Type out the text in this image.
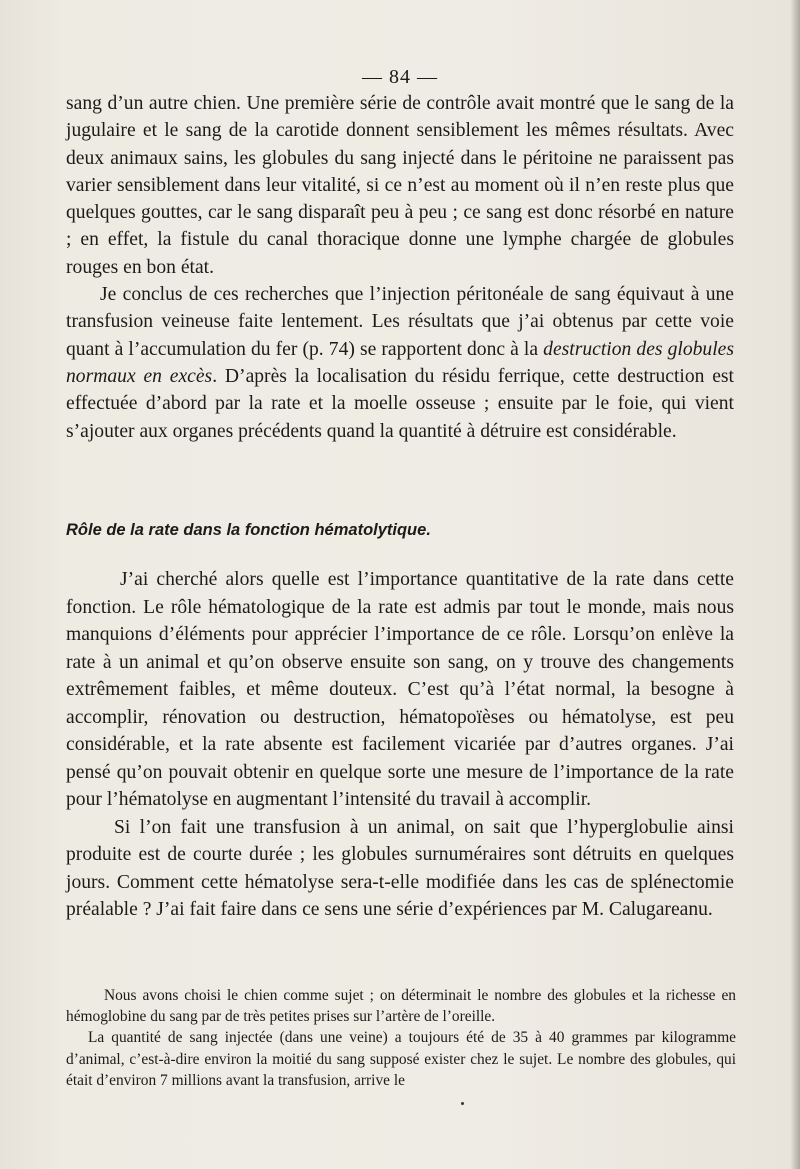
— 84 —

sang d’un autre chien. Une première série de contrôle avait montré que le sang de la jugulaire et le sang de la carotide donnent sensiblement les mêmes résultats. Avec deux animaux sains, les globules du sang injecté dans le péritoine ne paraissent pas varier sensiblement dans leur vitalité, si ce n’est au moment où il n’en reste plus que quelques gouttes, car le sang disparaît peu à peu ; ce sang est donc résorbé en nature ; en effet, la fistule du canal thoracique donne une lymphe chargée de globules rouges en bon état.

Je conclus de ces recherches que l’injection péritonéale de sang équivaut à une transfusion veineuse faite lentement. Les résultats que j’ai obtenus par cette voie quant à l’accumulation du fer (p. 74) se rapportent donc à la destruction des globules normaux en excès. D’après la localisation du résidu ferrique, cette destruction est effectuée d’abord par la rate et la moelle osseuse ; ensuite par le foie, qui vient s’ajouter aux organes précédents quand la quantité à détruire est considérable.

Rôle de la rate dans la fonction hématolytique.

J’ai cherché alors quelle est l’importance quantitative de la rate dans cette fonction. Le rôle hématologique de la rate est admis par tout le monde, mais nous manquions d’éléments pour apprécier l’importance de ce rôle. Lorsqu’on enlève la rate à un animal et qu’on observe ensuite son sang, on y trouve des changements extrêmement faibles, et même douteux. C’est qu’à l’état normal, la besogne à accomplir, rénovation ou destruction, hématopoïèses ou hématolyse, est peu considérable, et la rate absente est facilement vicariée par d’autres organes. J’ai pensé qu’on pouvait obtenir en quelque sorte une mesure de l’importance de la rate pour l’hématolyse en augmentant l’intensité du travail à accomplir.

Si l’on fait une transfusion à un animal, on sait que l’hyperglobulie ainsi produite est de courte durée ; les globules surnuméraires sont détruits en quelques jours. Comment cette hématolyse sera-t-elle modifiée dans les cas de splénectomie préalable ? J’ai fait faire dans ce sens une série d’expériences par M. Calugareanu.

Nous avons choisi le chien comme sujet ; on déterminait le nombre des globules et la richesse en hémoglobine du sang par de très petites prises sur l’artère de l’oreille.

La quantité de sang injectée (dans une veine) a toujours été de 35 à 40 grammes par kilogramme d’animal, c’est-à-dire environ la moitié du sang supposé exister chez le sujet. Le nombre des globules, qui était d’environ 7 millions avant la transfusion, arrive le
